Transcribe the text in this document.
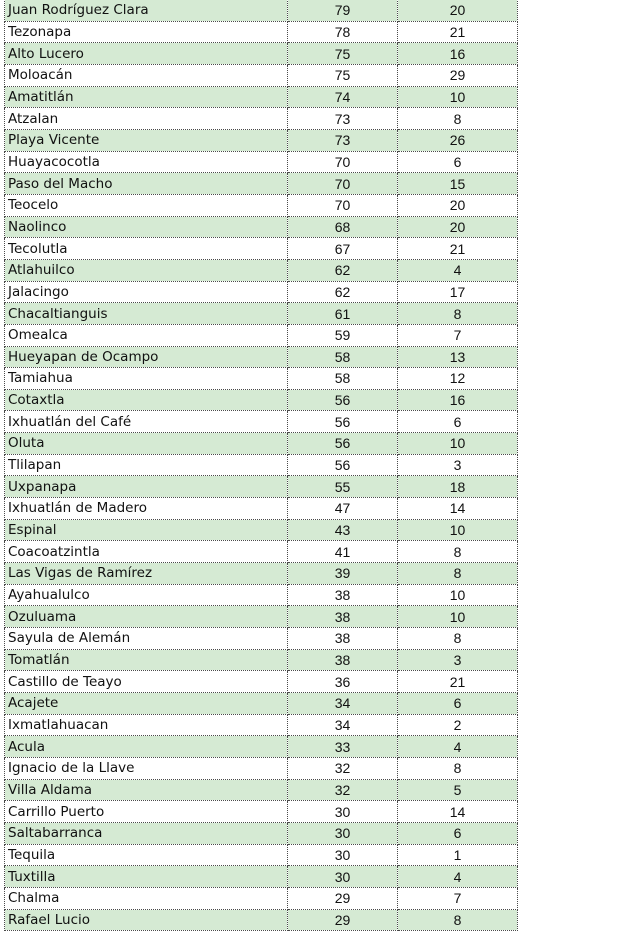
Juan Rodríguez Clara	79	20	
Tezonapa	78	21	
Alto Lucero	75	16	
Moloacán	75	29	
Amatitlán	74	10	
Atzalan	73	8	
Playa Vicente	73	26	
Huayacocotla	70	6	
Paso del Macho	70	15	
Teocelo	70	20	
Naolinco	68	20	
Tecolutla	67	21	
Atlahuilco	62	4	
Jalacingo	62	17	
Chacaltianguis	61	8	
Omealca	59	7	
Hueyapan de Ocampo	58	13	
Tamiahua	58	12	
Cotaxtla	56	16	
Ixhuatlán del Café	56	6	
Oluta	56	10	
Tlilapan	56	3	
Uxpanapa	55	18	
Ixhuatlán de Madero	47	14	
Espinal	43	10	
Coacoatzintla	41	8	
Las Vigas de Ramírez	39	8	
Ayahualulco	38	10	
Ozuluama	38	10	
Sayula de Alemán	38	8	
Tomatlán	38	3	
Castillo de Teayo	36	21	
Acajete	34	6	
Ixmatlahuacan	34	2	
Acula	33	4	
Ignacio de la Llave	32	8	
Villa Aldama	32	5	
Carrillo Puerto	30	14	
Saltabarranca	30	6	
Tequila	30	1	
Tuxtilla	30	4	
Chalma	29	7	
Rafael Lucio	29	8	
